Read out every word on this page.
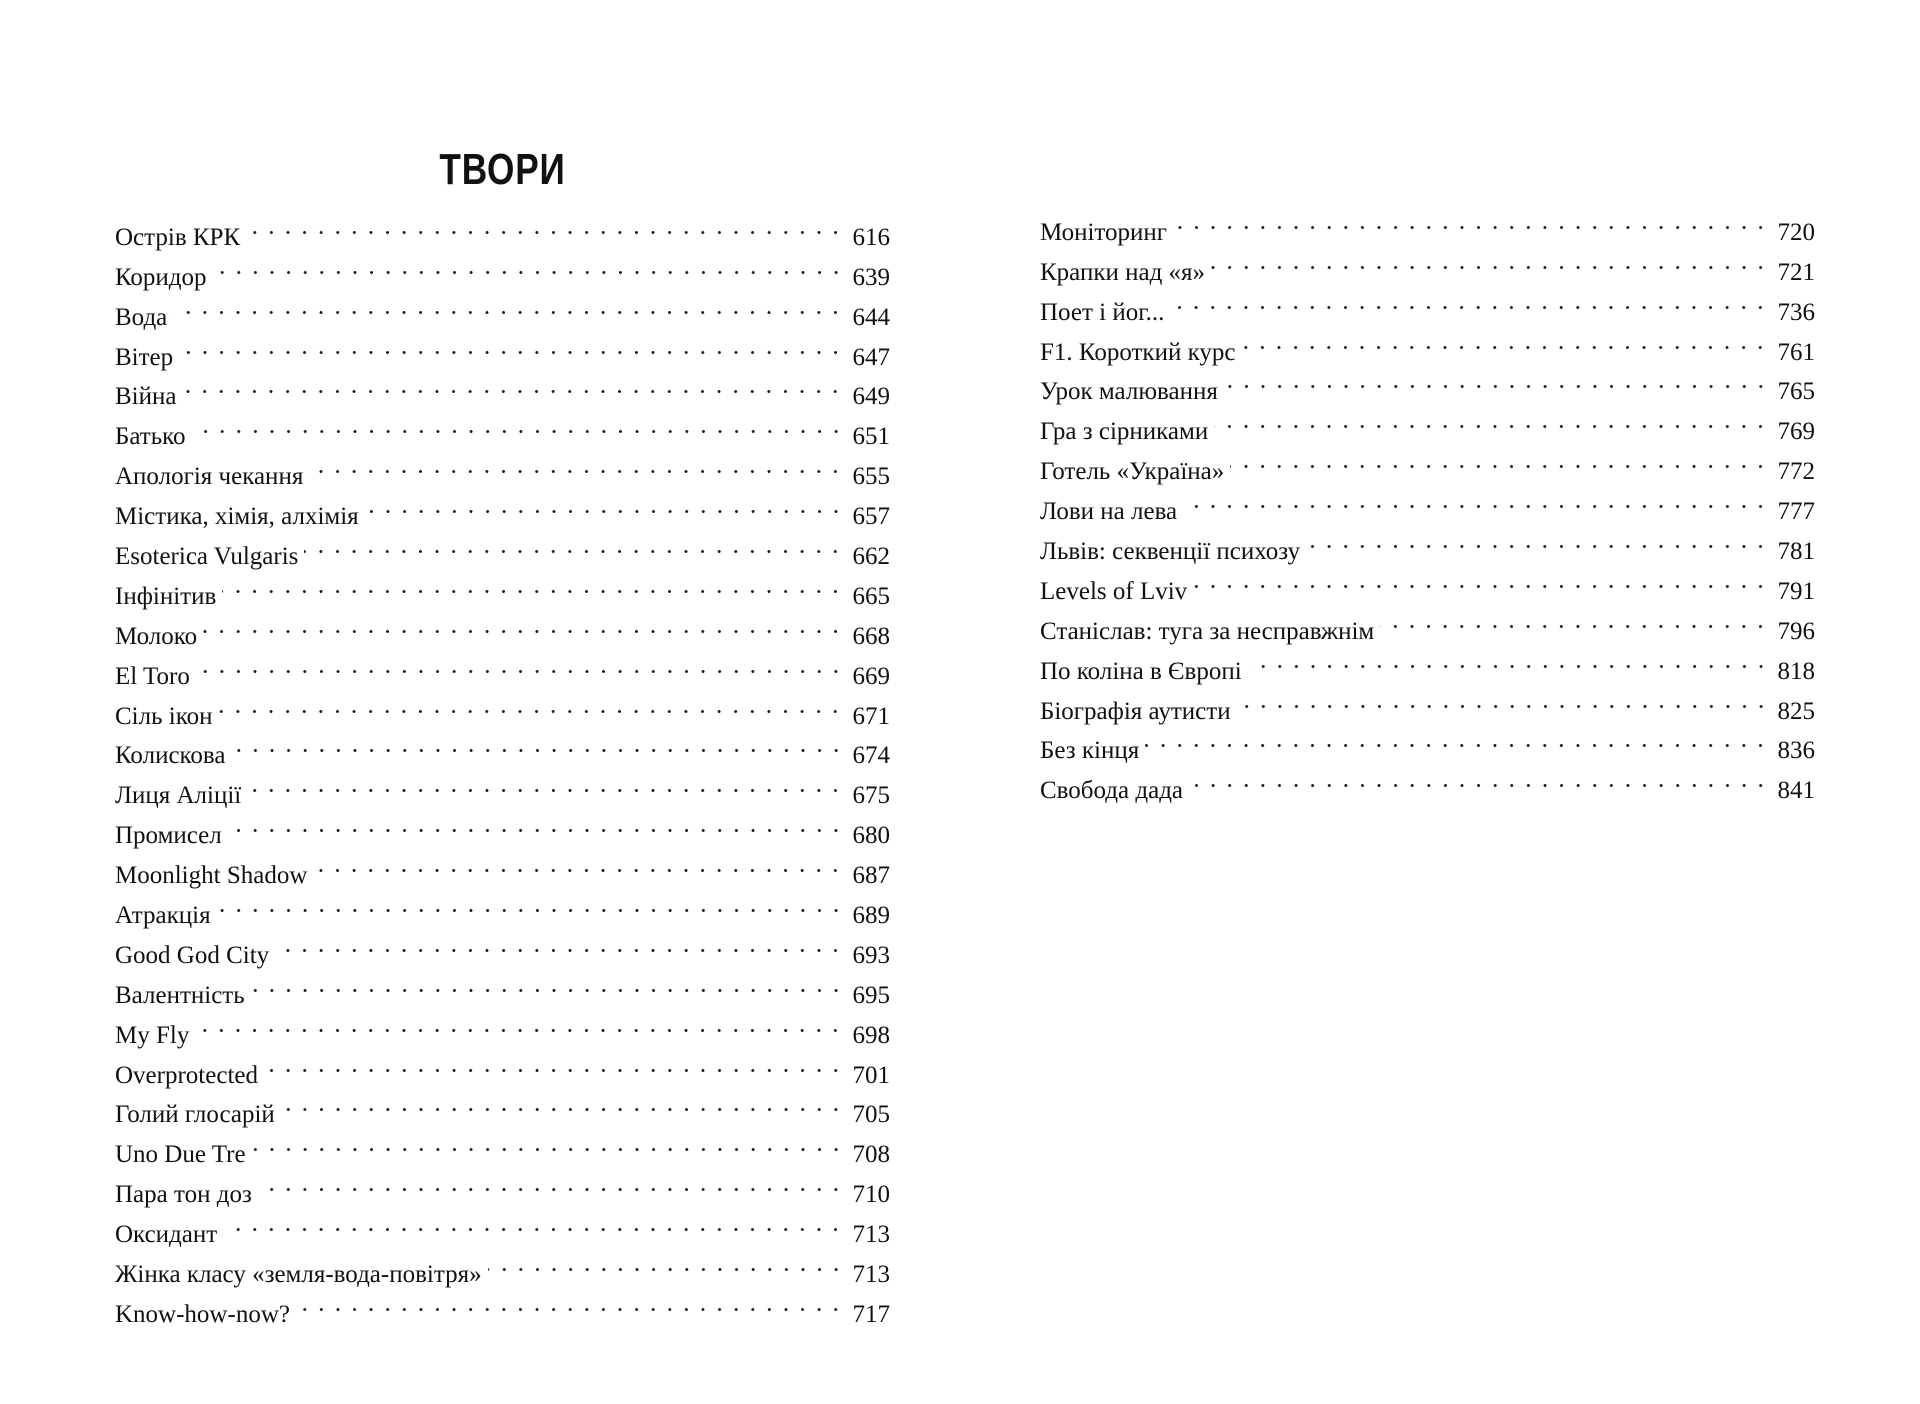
ТВОРИ
Острів КРК	616
Коридор	639
Вода	644
Вітер	647
Війна	649
Батько	651
Апологія чекання	655
Містика, хімія, алхімія	657
Esoterica Vulgaris	662
Інфінітив	665
Молоко	668
El Toro	669
Сіль ікон	671
Колискова	674
Лиця Аліції	675
Промисел	680
Moonlight Shadow	687
Атракція	689
Good God City	693
Валентність	695
My Fly	698
Overprotected	701
Голий глосарій	705
Uno Due Tre	708
Пара тон доз	710
Оксидант	713
Жінка класу «земля-вода-повітря»	713
Know-how-now?	717
Моніторинг	720
Крапки над «я»	721
Поет і йог...	736
F1. Короткий курс	761
Урок малювання	765
Гра з сірниками	769
Готель «Україна»	772
Лови на лева	777
Львів: секвенції психозу	781
Levels of Lviv	791
Станіслав: туга за несправжнім	796
По коліна в Європі	818
Біографія аутисти	825
Без кінця	836
Свобода дада	841
